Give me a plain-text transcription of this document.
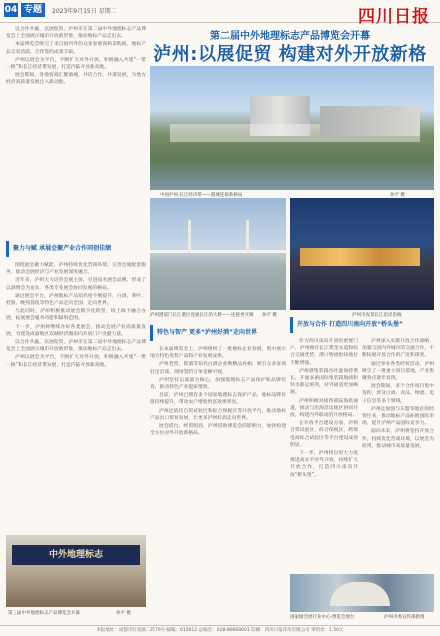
04 专题	2023年9月15日 星期二	四川日报
第二届中外地理标志产品博览会开幕
泸州:以展促贸 构建对外开放新格

以合作共赢，以展促贸，泸州市在第二届中外地理标志产品博览会上全面展示城市开放新形象，推动地标产品走出去。

本届博览会吸引了来自国内外的众多参展商和采购商，地标产品交易活跃，合作签约成果丰硕。

泸州以展会为平台，不断扩大对外开放，积极融入共建“一带一路”和长江经济带发展，打造内陆开放新高地。

展会期间，各地客商汇聚酒城，共话合作、共谋发展，为地方经济高质量发展注入新动能。

聚力与赋 承展会聚产业合作同创佳绩

围绕展会聚力赋能，泸州持续优化营商环境，完善会展配套服务，推动会展经济与产业发展深度融合。

近年来，泸州大力培育会展主体，引进知名展会品牌，形成了以酒博会为龙头、各类专业展会协同发展的格局。

通过展会平台，泸州地标产品知名度不断提升，白酒、茶叶、桂圆、晚熟荔枝等特色产品走向全国、走向世界。

与此同时，泸州积极推动展会数字化转型，线上线下融合办展，拓展展会服务功能和辐射范围。

下一步，泸州将继续办好各类展会，推动会展产业高质量发展，为建设成渝地区双城经济圈南向开放门户贡献力量。

以合作共赢，以展促贸，泸州市在第二届中外地理标志产品博览会上全面展示城市开放新形象，推动地标产品走出去。

泸州以展会为平台，不断扩大对外开放，积极融入共建“一带一路”和长江经济带发展，打造内陆开放新高地。

中国泸州·长江经济带——港城连接新格局	孙平 摄
泸州港前门长江港区连通长江的大桥——连接更开阔 孙平 摄	泸州市夜景长江沿岸沿线
特色与智产 更多“泸州好酒”走向世界

在本届博览会上，泸州组织了一批地标企业参展，集中展示地方特色优势产品和产业发展成果。

泸州老窖、郎酒等知名白酒企业携精品亮相，吸引众多客商驻足洽谈，现场签约订单金额可观。

泸州坚持以质量为核心，加强地理标志产品保护和品牌培育，推动特色产业提质增效。

目前，泸州已拥有多个国家地理标志保护产品，地标品牌价值持续提升，带动农户增收致富效果明显。

泸州还依托自贸试验区和综合保税区等开放平台，推动地标产品出口贸易发展，让更多泸州好酒走向世界。

展会搭台、经贸唱戏，泸州借助博览会的影响力，加快构建全方位对外开放新格局。

开放与合作 打造四川南向开放“桥头堡”

作为四川南向开放的重要门户，泸州拥有长江黄金水道和综合交通优势，港口物流枢纽地位不断增强。

泸州港集装箱吞吐量保持增长，开通多条国际集装箱航线和铁水联运班列，对外通道更加畅通。

泸州积极对接西部陆海新通道，推动与沿海沿边地区协同开放，构建内外联动的开放格局。

在开放平台建设方面，泸州自贸试验区、综合保税区、跨境电商综合试验区等平台建设成效明显。

下一步，泸州将以更大力度推进高水平对外开放，持续扩大开放合作，打造四川南向开放“桥头堡”。

泸州深入实施开放合作战略，加强与国内外城市的交流合作，不断拓展开放合作的广度和深度。

通过举办各类经贸活动，泸州吸引了一批重大项目落地，产业集聚效应逐步显现。

展会期间，多个合作项目集中签约，涉及白酒、食品、物流、电子信息等多个领域。

泸州还加强与东盟等地区的经贸往来，推动地标产品拓展国际市场，提升泸州产品国际竞争力。

面向未来，泸州将坚持开放合作，持续优化营商环境，以展会为纽带，推动城市高质量发展。

中外地理标志
第三届中外地理标志产品博览会开幕	孙平 摄
国家级会展行业中心·博览会展台	泸州市委宣传部供图
本报地址：成都市红星路二段70号 邮编：610012 总编室：028-86968001 印刷：四川日报印务有限公司 零售价：1.50元
